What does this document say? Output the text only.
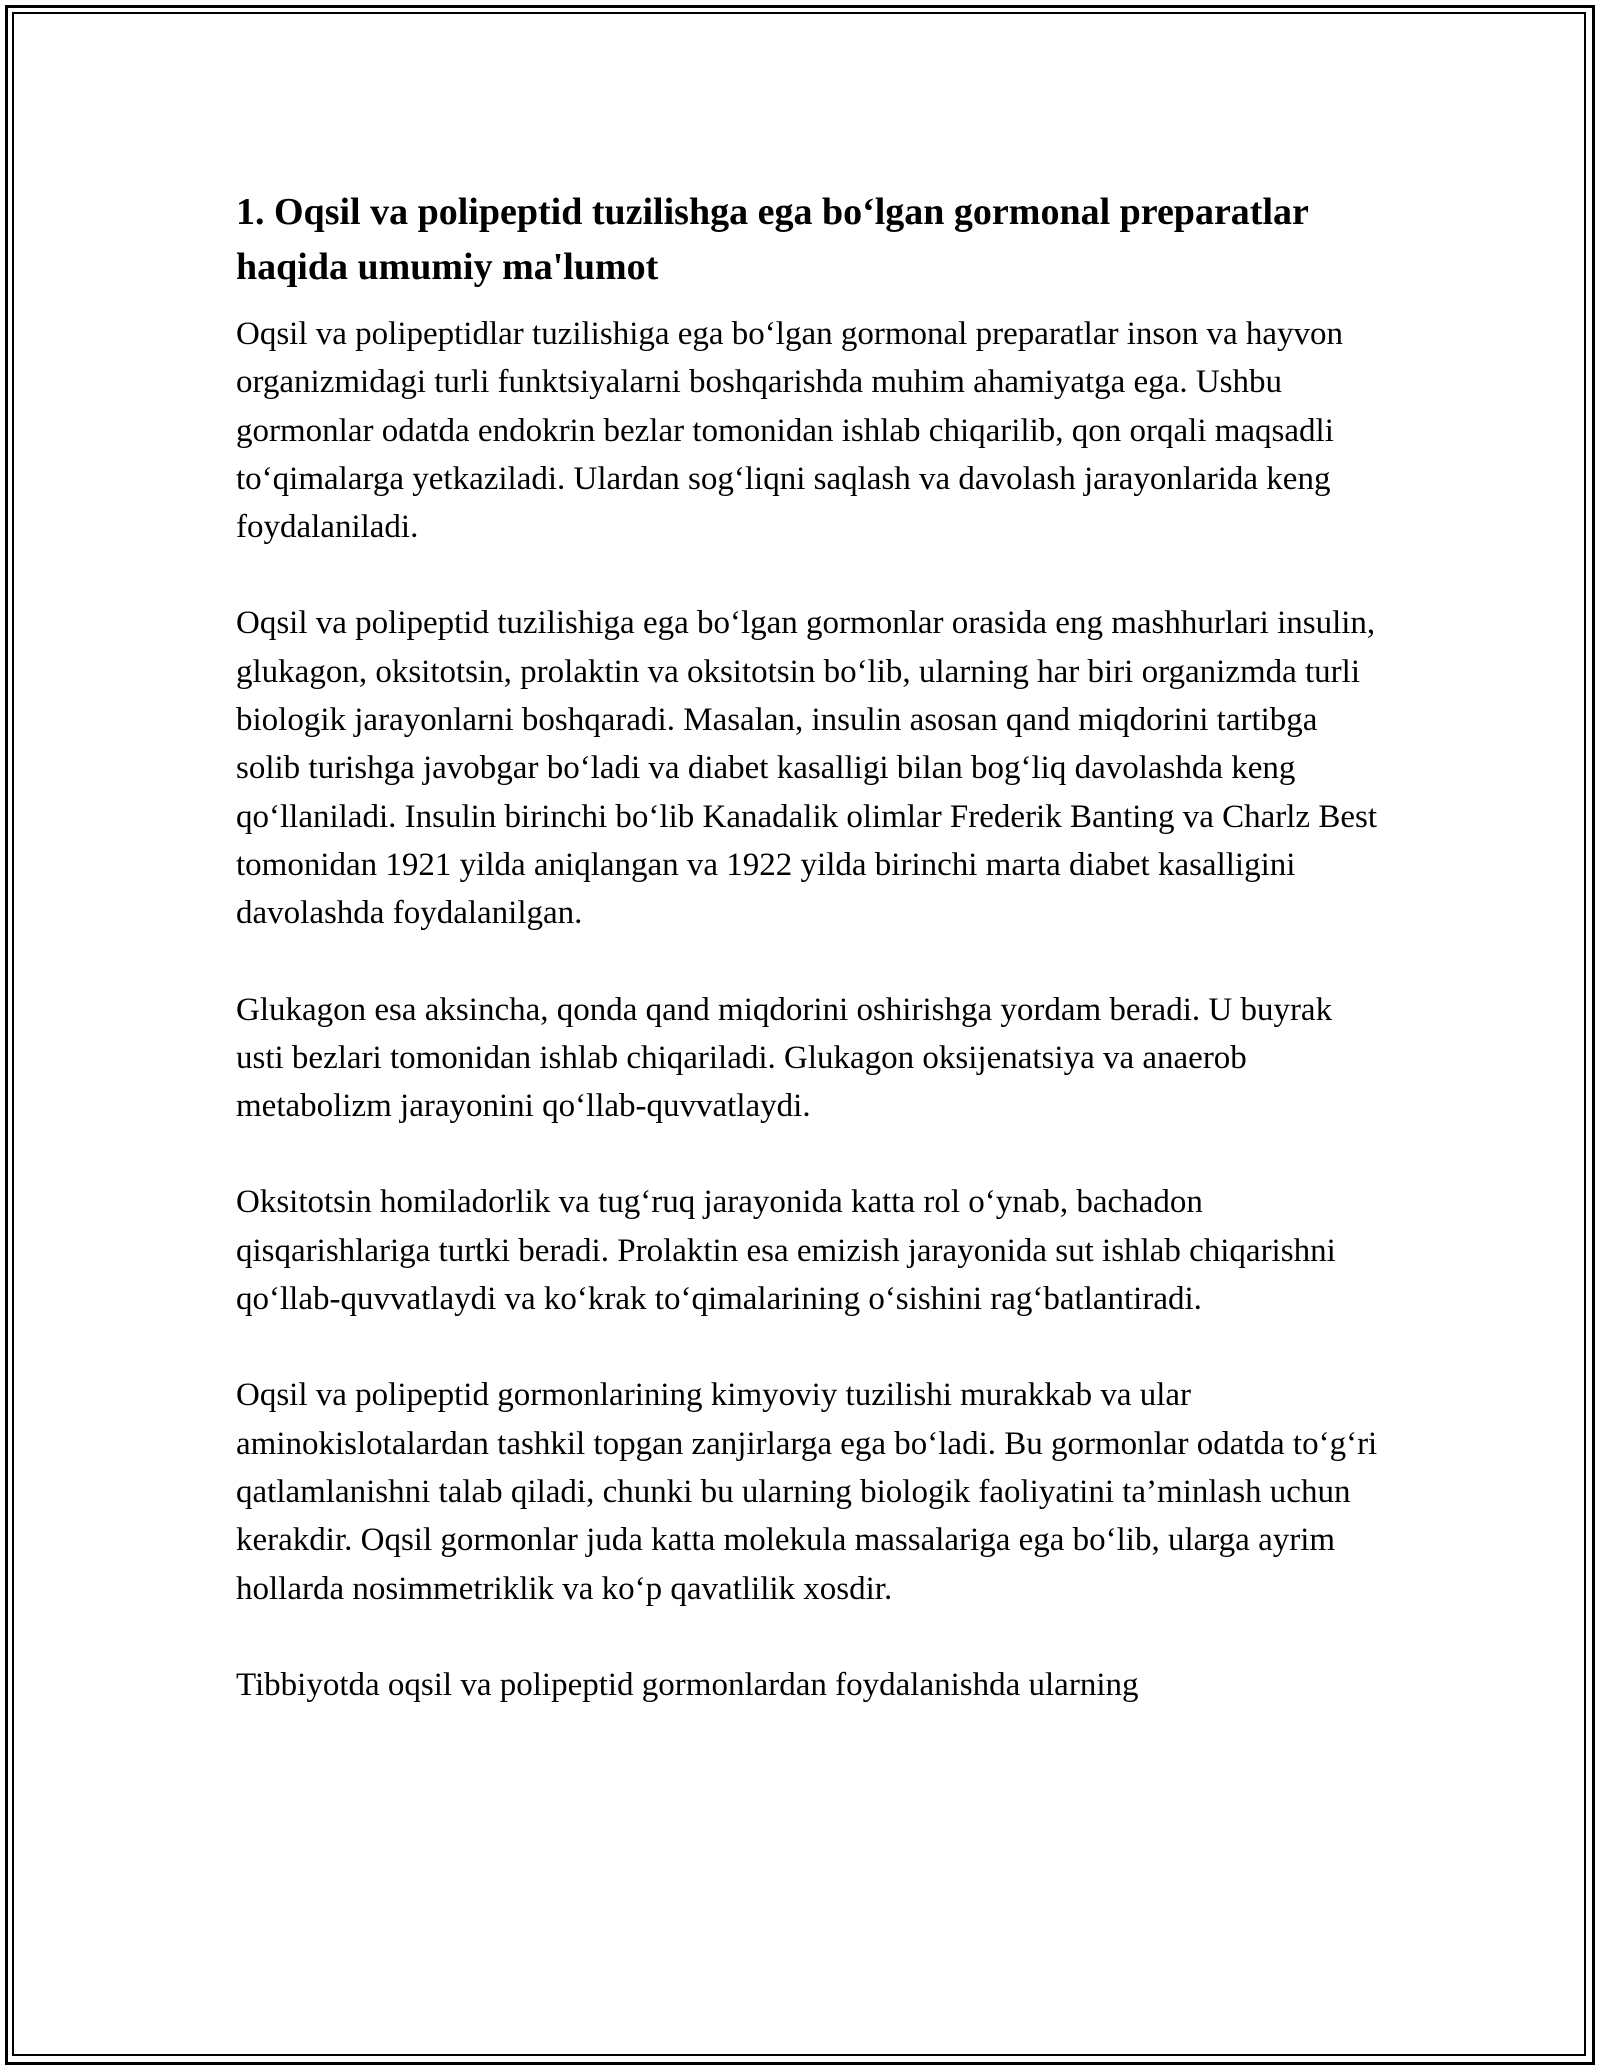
1. Oqsil va polipeptid tuzilishga ega bo‘lgan gormonal preparatlar haqida umumiy ma'lumot

Oqsil va polipeptidlar tuzilishiga ega bo‘lgan gormonal preparatlar inson va hayvon organizmidagi turli funktsiyalarni boshqarishda muhim ahamiyatga ega. Ushbu gormonlar odatda endokrin bezlar tomonidan ishlab chiqarilib, qon orqali maqsadli to‘qimalarga yetkaziladi. Ulardan sog‘liqni saqlash va davolash jarayonlarida keng foydalaniladi.

Oqsil va polipeptid tuzilishiga ega bo‘lgan gormonlar orasida eng mashhurlari insulin, glukagon, oksitotsin, prolaktin va oksitotsin bo‘lib, ularning har biri organizmda turli biologik jarayonlarni boshqaradi. Masalan, insulin asosan qand miqdorini tartibga solib turishga javobgar bo‘ladi va diabet kasalligi bilan bog‘liq davolashda keng qo‘llaniladi. Insulin birinchi bo‘lib Kanadalik olimlar Frederik Banting va Charlz Best tomonidan 1921 yilda aniqlangan va 1922 yilda birinchi marta diabet kasalligini davolashda foydalanilgan.

Glukagon esa aksincha, qonda qand miqdorini oshirishga yordam beradi. U buyrak usti bezlari tomonidan ishlab chiqariladi. Glukagon oksijenatsiya va anaerob metabolizm jarayonini qo‘llab-quvvatlaydi.

Oksitotsin homiladorlik va tug‘ruq jarayonida katta rol o‘ynab, bachadon qisqarishlariga turtki beradi. Prolaktin esa emizish jarayonida sut ishlab chiqarishni qo‘llab-quvvatlaydi va ko‘krak to‘qimalarining o‘sishini rag‘batlantiradi.

Oqsil va polipeptid gormonlarining kimyoviy tuzilishi murakkab va ular aminokislotalardan tashkil topgan zanjirlarga ega bo‘ladi. Bu gormonlar odatda to‘g‘ri qatlamlanishni talab qiladi, chunki bu ularning biologik faoliyatini ta’minlash uchun kerakdir. Oqsil gormonlar juda katta molekula massalariga ega bo‘lib, ularga ayrim hollarda nosimmetriklik va ko‘p qavatlilik xosdir.

Tibbiyotda oqsil va polipeptid gormonlardan foydalanishda ularning
